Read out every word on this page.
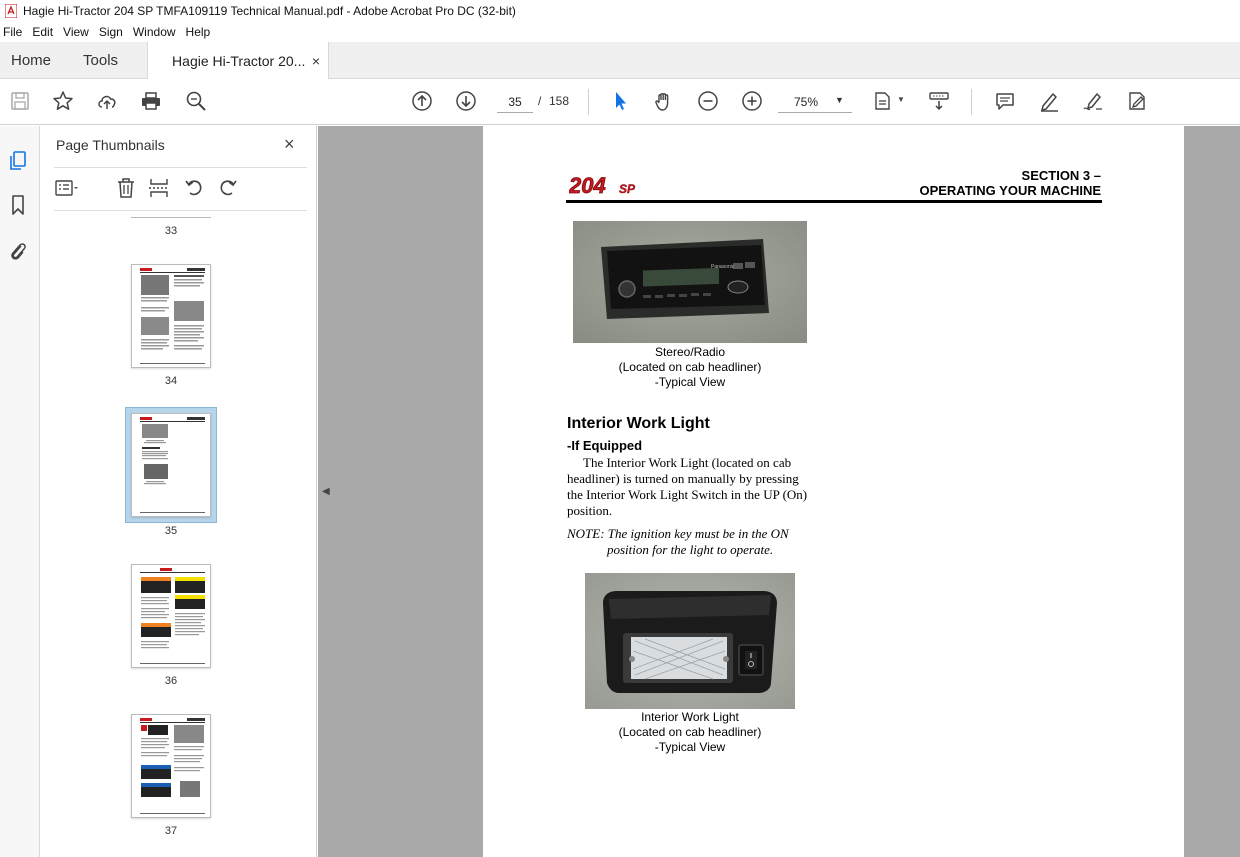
Hagie Hi-Tractor 204 SP TMFA109119 Technical Manual.pdf - Adobe Acrobat Pro DC (32-bit)
File Edit View Sign Window Help
Home	Tools	Hagie Hi-Tractor 20... ×
35
/ 158
75%	▼	▼
Page Thumbnails	×
33
34
35
36
37
◀
204 SP
SECTION 3 –
OPERATING YOUR MACHINE
Panasonic
Stereo/Radio
(Located on cab headliner)
-Typical View
Interior Work Light
-If Equipped
The Interior Work Light (located on cab headliner) is turned on manually by pressing the Interior Work Light Switch in the UP (On) position.
NOTE: The ignition key must be in the ON
position for the light to operate.
Interior Work Light
(Located on cab headliner)
-Typical View
